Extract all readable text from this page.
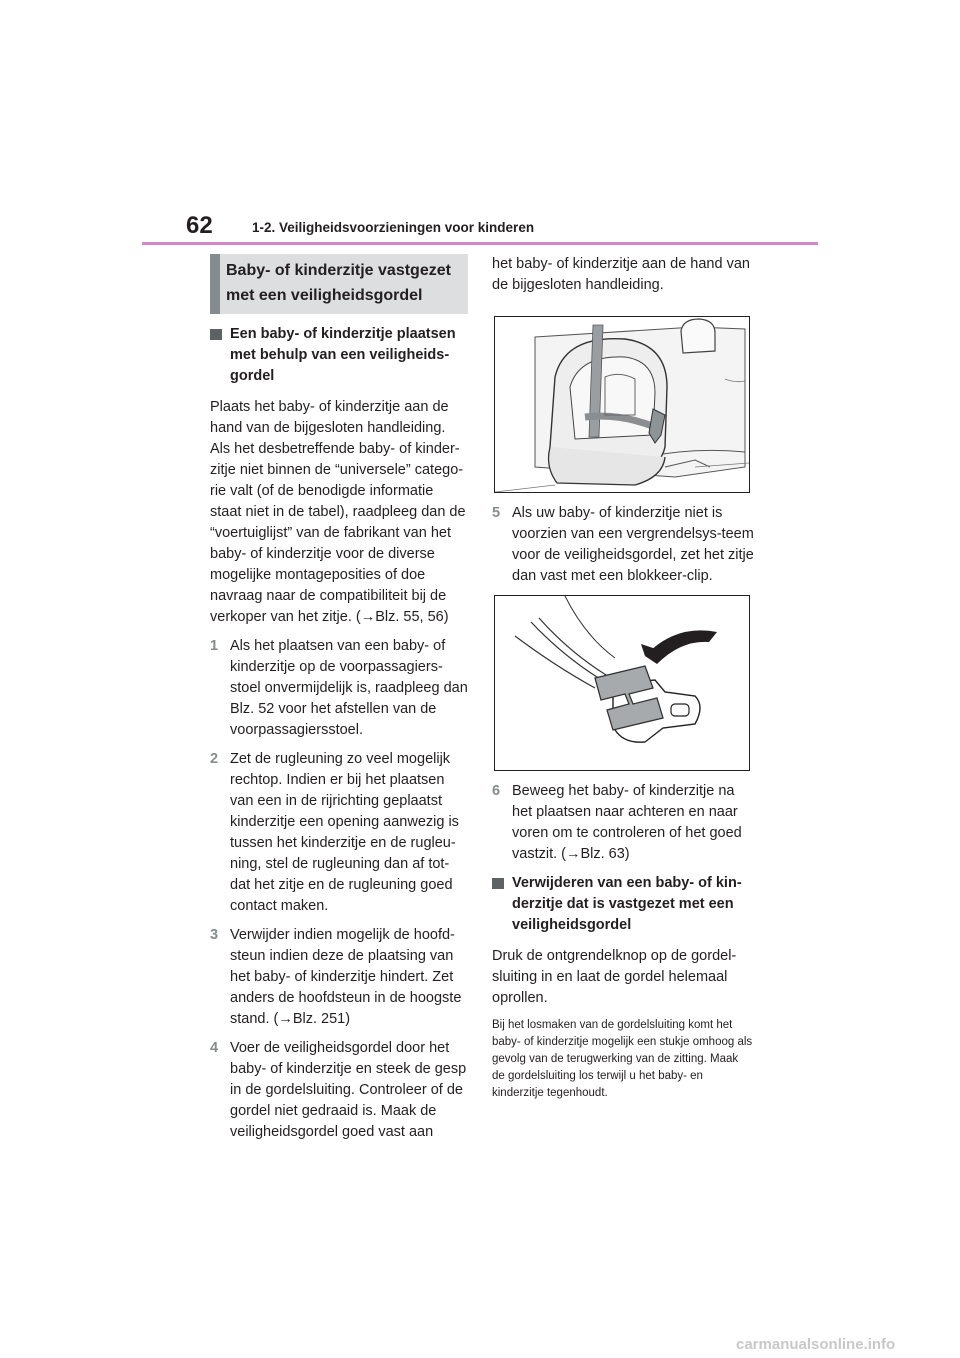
62	1-2. Veiligheidsvoorzieningen voor kinderen
Baby- of kinderzitje vastgezet met een veiligheidsgordel
Een baby- of kinderzitje plaatsen met behulp van een veiligheids-gordel

Plaats het baby- of kinderzitje aan de hand van de bijgesloten handleiding. Als het desbetreffende baby- of kinder-zitje niet binnen de “universele” catego-rie valt (of de benodigde informatie staat niet in de tabel), raadpleeg dan de “voertuiglijst” van de fabrikant van het baby- of kinderzitje voor de diverse mogelijke montageposities of doe navraag naar de compatibiliteit bij de verkoper van het zitje. (→Blz. 55, 56)

1 Als het plaatsen van een baby- of kinderzitje op de voorpassagiers-stoel onvermijdelijk is, raadpleeg dan Blz. 52 voor het afstellen van de voorpassagiersstoel.
2 Zet de rugleuning zo veel mogelijk rechtop. Indien er bij het plaatsen van een in de rijrichting geplaatst kinderzitje een opening aanwezig is tussen het kinderzitje en de rugleu-ning, stel de rugleuning dan af tot-dat het zitje en de rugleuning goed contact maken.
3 Verwijder indien mogelijk de hoofd-steun indien deze de plaatsing van het baby- of kinderzitje hindert. Zet anders de hoofdsteun in de hoogste stand. (→Blz. 251)
4 Voer de veiligheidsgordel door het baby- of kinderzitje en steek de gesp in de gordelsluiting. Controleer of de gordel niet gedraaid is. Maak de veiligheidsgordel goed vast aan

het baby- of kinderzitje aan de hand van de bijgesloten handleiding.

5 Als uw baby- of kinderzitje niet is voorzien van een vergrendelsys-teem voor de veiligheidsgordel, zet het zitje dan vast met een blokkeer-clip.
6 Beweeg het baby- of kinderzitje na het plaatsen naar achteren en naar voren om te controleren of het goed vastzit. (→Blz. 63)
Verwijderen van een baby- of kin-derzitje dat is vastgezet met een veiligheidsgordel

Druk de ontgrendelknop op de gordel-sluiting in en laat de gordel helemaal oprollen.

Bij het losmaken van de gordelsluiting komt het baby- of kinderzitje mogelijk een stukje omhoog als gevolg van de terugwerking van de zitting. Maak de gordelsluiting los terwijl u het baby- en kinderzitje tegenhoudt.

carmanualsonline.info
